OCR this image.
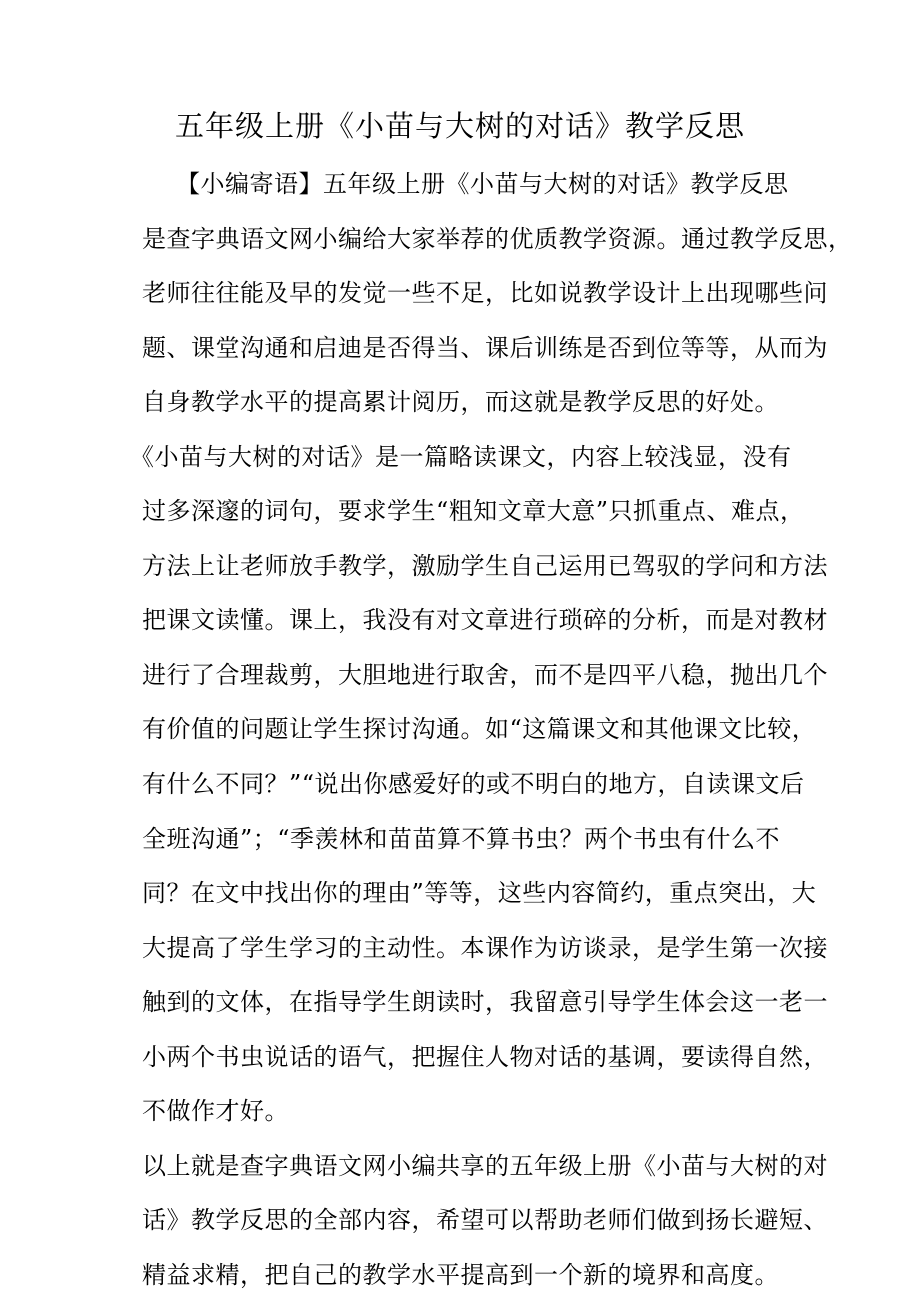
五年级上册《小苗与大树的对话》教学反思
【小编寄语】五年级上册《小苗与大树的对话》教学反思
是查字典语文网小编给大家举荐的优质教学资源。通过教学反思，
老师往往能及早的发觉一些不足，比如说教学设计上出现哪些问
题、课堂沟通和启迪是否得当、课后训练是否到位等等，从而为
自身教学水平的提高累计阅历，而这就是教学反思的好处。
《小苗与大树的对话》是一篇略读课文，内容上较浅显，没有
过多深邃的词句，要求学生“粗知文章大意”只抓重点、难点，
方法上让老师放手教学，激励学生自己运用已驾驭的学问和方法
把课文读懂。课上，我没有对文章进行琐碎的分析，而是对教材
进行了合理裁剪，大胆地进行取舍，而不是四平八稳，抛出几个
有价值的问题让学生探讨沟通。如“这篇课文和其他课文比较，
有什么不同？”“说出你感爱好的或不明白的地方，自读课文后
全班沟通”；“季羡林和苗苗算不算书虫？两个书虫有什么不
同？在文中找出你的理由”等等，这些内容简约，重点突出，大
大提高了学生学习的主动性。本课作为访谈录，是学生第一次接
触到的文体，在指导学生朗读时，我留意引导学生体会这一老一
小两个书虫说话的语气，把握住人物对话的基调，要读得自然，
不做作才好。
以上就是查字典语文网小编共享的五年级上册《小苗与大树的对
话》教学反思的全部内容，希望可以帮助老师们做到扬长避短、
精益求精，把自己的教学水平提高到一个新的境界和高度。
